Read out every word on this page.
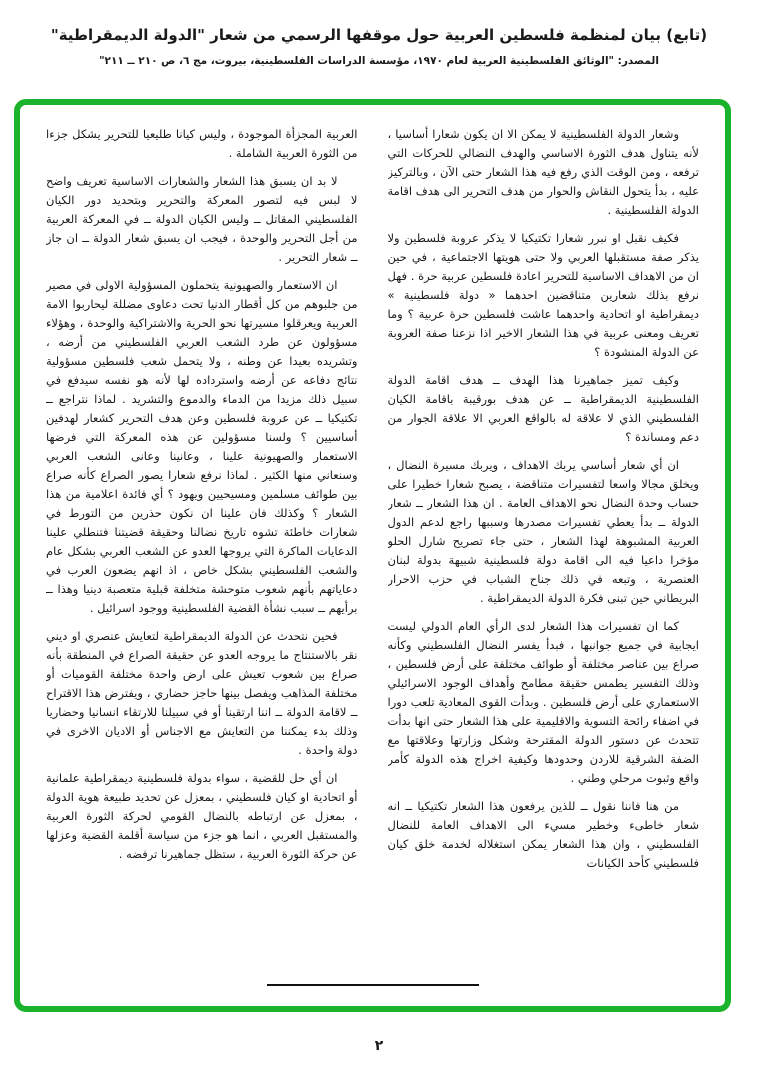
(تابع) بيان لمنظمة فلسطين العربية حول موقفها الرسمي من شعار "الدولة الديمقراطية"
المصدر: "الوثائق الفلسطينية العربية لعام ١٩٧٠، مؤسسة الدراسات الفلسطينية، بيروت، مج ٦، ص ٢١٠ ــ ٢١١"

وشعار الدولة الفلسطينية لا يمكن الا ان يكون شعارا أساسيا ، لأنه يتناول هدف الثورة الاساسي والهدف النضالي للحركات التي ترفعه ، ومن الوقت الذي رفع فيه هذا الشعار حتى الآن ، وبالتركيز عليه ، بدأ يتحول النقاش والحوار من هدف التحرير الى هدف اقامة الدولة الفلسطينية .

فكيف نقبل او نبرر شعارا تكتيكيا لا يذكر عروبة فلسطين ولا يذكر صفة مستقبلها العربي ولا حتى هويتها الاجتماعية ، في حين ان من الاهداف الاساسية للتحرير اعادة فلسطين عربية حرة . فهل نرفع بذلك شعارين متناقضين احدهما « دولة فلسطينية » ديمقراطية او اتحادية واحدهما عاشت فلسطين حرة عربية ؟ وما تعريف ومعنى عربية في هذا الشعار الاخير اذا نزعنا صفة العروبة عن الدولة المنشودة ؟

وكيف تميز جماهيرنا هذا الهدف ــ هدف اقامة الدولة الفلسطينية الديمقراطية ــ عن هدف بورقيبة باقامة الكيان الفلسطيني الذي لا علاقة له بالواقع العربي الا علاقة الجوار من دعم ومساندة ؟

ان أي شعار أساسي يربك الاهداف ، ويربك مسيرة النضال ، ويخلق مجالا واسعا لتفسيرات متناقضة ، يصبح شعارا خطيرا على حساب وحدة النضال نحو الاهداف العامة . ان هذا الشعار ــ شعار الدولة ــ بدأ يعطي تفسيرات مصدرها وسببها راجع لدعم الدول العربية المشبوهة لهذا الشعار ، حتى جاء تصريح شارل الحلو مؤخرا داعيا فيه الى اقامة دولة فلسطينية شبيهة بدولة لبنان العنصرية ، وتبعه في ذلك جناح الشباب في حزب الاحرار البريطاني حين تبنى فكرة الدولة الديمقراطية .

كما ان تفسيرات هذا الشعار لدى الرأي العام الدولي ليست ايجابية في جميع جوانبها ، فبدأ يفسر النضال الفلسطيني وكأنه صراع بين عناصر مختلفة أو طوائف مختلفة على أرض فلسطين ، وذلك التفسير يطمس حقيقة مطامح وأهداف الوجود الاسرائيلي الاستعماري على أرض فلسطين . وبدأت القوى المعادية تلعب دورا في اضفاء رائحة التسوية والاقليمية على هذا الشعار حتى انها بدأت تتحدث عن دستور الدولة المقترحة وشكل وزارتها وعلاقتها مع الضفة الشرقية للاردن وحدودها وكيفية اخراج هذه الدولة كأمر واقع وثبوت مرحلي وطني .

من هنا فاننا نقول ــ للذين يرفعون هذا الشعار تكتيكيا ــ انه شعار خاطىء وخطير مسيء الى الاهداف العامة للنضال الفلسطيني ، وان هذا الشعار يمكن استغلاله لخدمة خلق كيان فلسطيني كأحد الكيانات

العربية المجزأة الموجودة ، وليس كيانا طليعيا للتحرير يشكل جزءا من الثورة العربية الشاملة .

لا بد ان يسبق هذا الشعار والشعارات الاساسية تعريف واضح لا لبس فيه لتصور المعركة والتحرير وبتحديد دور الكيان الفلسطيني المقاتل ــ وليس الكيان الدولة ــ في المعركة العربية من أجل التحرير والوحدة ، فيجب ان يسبق شعار الدولة ــ ان جاز ــ شعار التحرير .

ان الاستعمار والصهيونية يتحملون المسؤولية الاولى في مصير من جلبوهم من كل أقطار الدنيا تحت دعاوى مضللة ليحاربوا الامة العربية ويعرقلوا مسيرتها نحو الحرية والاشتراكية والوحدة ، وهؤلاء مسؤولون عن طرد الشعب العربي الفلسطيني من أرضه ، وتشريده بعيدا عن وطنه ، ولا يتحمل شعب فلسطين مسؤولية نتائج دفاعه عن أرضه واسترداده لها لأنه هو نفسه سيدفع في سبيل ذلك مزيدا من الدماء والدموع والتشريد . لماذا نتراجع ــ تكتيكيا ــ عن عروبة فلسطين وعن هدف التحرير كشعار لهدفين أساسيين ؟ ولسنا مسؤولين عن هذه المعركة التي فرضها الاستعمار والصهيونية علينا ، وعانينا وعانى الشعب العربي وسنعاني منها الكثير . لماذا نرفع شعارا يصور الصراع كأنه صراع بين طوائف مسلمين ومسيحيين ويهود ؟ أي فائدة اعلامية من هذا الشعار ؟ وكذلك فان علينا ان نكون حذرين من التورط في شعارات خاطئة تشوه تاريخ نضالنا وحقيقة قضيتنا فتنطلي علينا الدعايات الماكرة التي يروجها العدو عن الشعب العربي بشكل عام والشعب الفلسطيني بشكل خاص ، اذ انهم يضعون العرب في دعاياتهم بأنهم شعوب متوحشة متخلفة قبلية متعصبة دينيا وهذا ــ برأيهم ــ سبب نشأة القضية الفلسطينية ووجود اسرائيل .

فحين نتحدث عن الدولة الديمقراطية لتعايش عنصري او ديني نقر بالاستنتاج ما يروجه العدو عن حقيقة الصراع في المنطقة بأنه صراع بين شعوب تعيش على ارض واحدة مختلفة القوميات أو مختلفة المذاهب ويفصل بينها حاجز حضاري ، ويفترض هذا الاقتراح ــ لاقامة الدولة ــ اننا ارتقينا أو في سبيلنا للارتقاء انسانيا وحضاريا وذلك بدء يمكننا من التعايش مع الاجناس أو الاديان الاخرى في دولة واحدة .

ان أي حل للقضية ، سواء بدولة فلسطينية ديمقراطية علمانية أو اتحادية او كيان فلسطيني ، بمعزل عن تحديد طبيعة هوية الدولة ، بمعزل عن ارتباطه بالنضال القومي لحركة الثورة العربية والمستقبل العربي ، انما هو جزء من سياسة أقلمة القضية وعزلها عن حركة الثورة العربية ، ستظل جماهيرنا ترفضه .

٢
